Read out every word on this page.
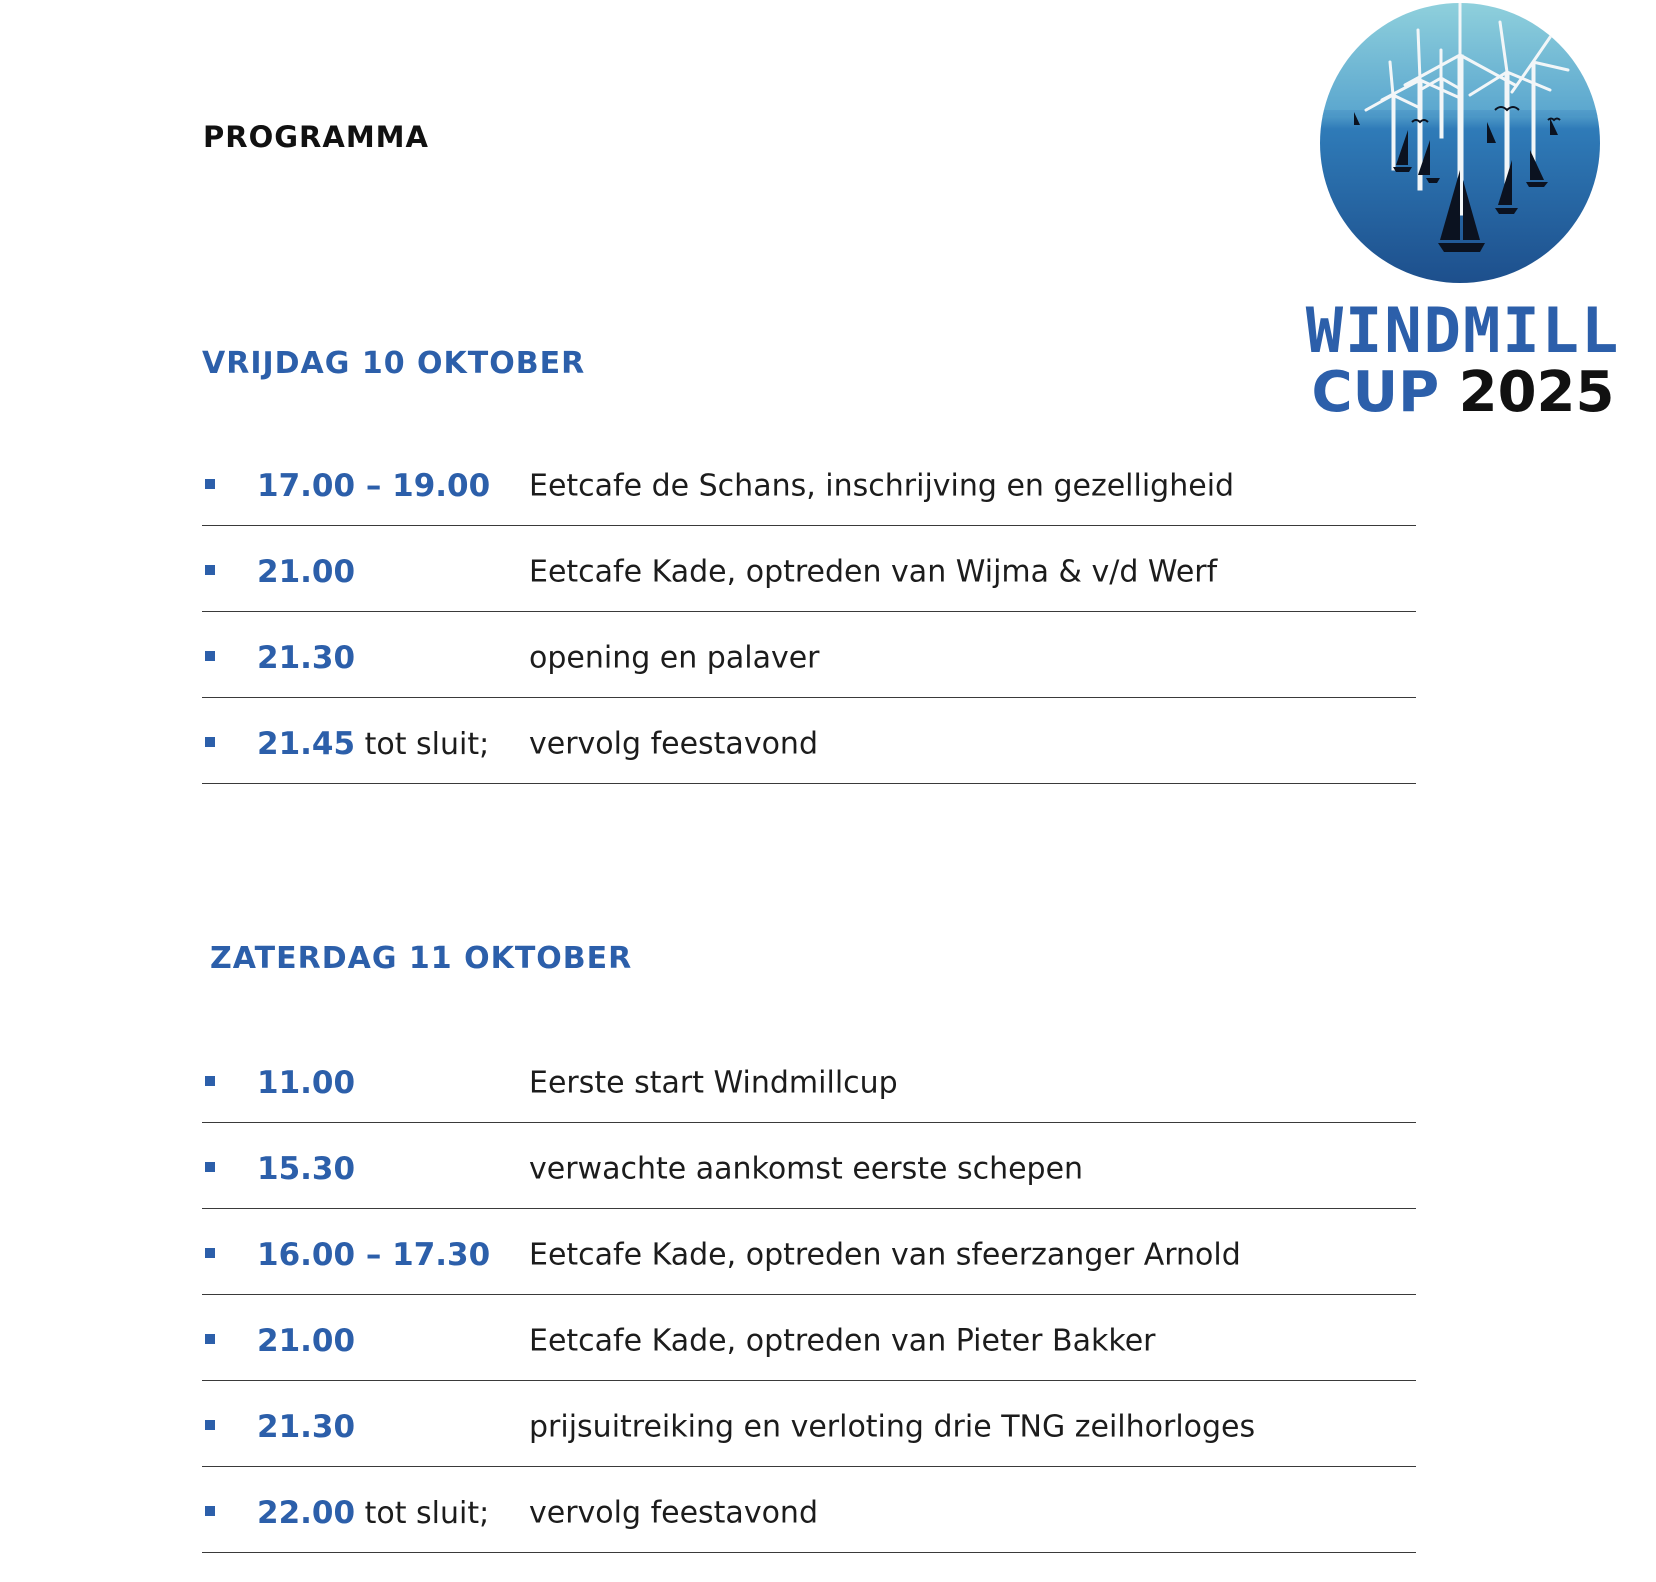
PROGRAMMA
WINDMILL
CUP 2025
VRIJDAG 10 OKTOBER
17.00 – 19.00 Eetcafe de Schans, inschrijving en gezelligheid
21.00	Eetcafe Kade, optreden van Wijma & v/d Werf
21.30	opening en palaver
21.45 tot sluit; vervolg feestavond
ZATERDAG 11 OKTOBER
11.00	Eerste start Windmillcup
15.30	verwachte aankomst eerste schepen
16.00 – 17.30 Eetcafe Kade, optreden van sfeerzanger Arnold
21.00	Eetcafe Kade, optreden van Pieter Bakker
21.30	prijsuitreiking en verloting drie TNG zeilhorloges
22.00 tot sluit; vervolg feestavond
